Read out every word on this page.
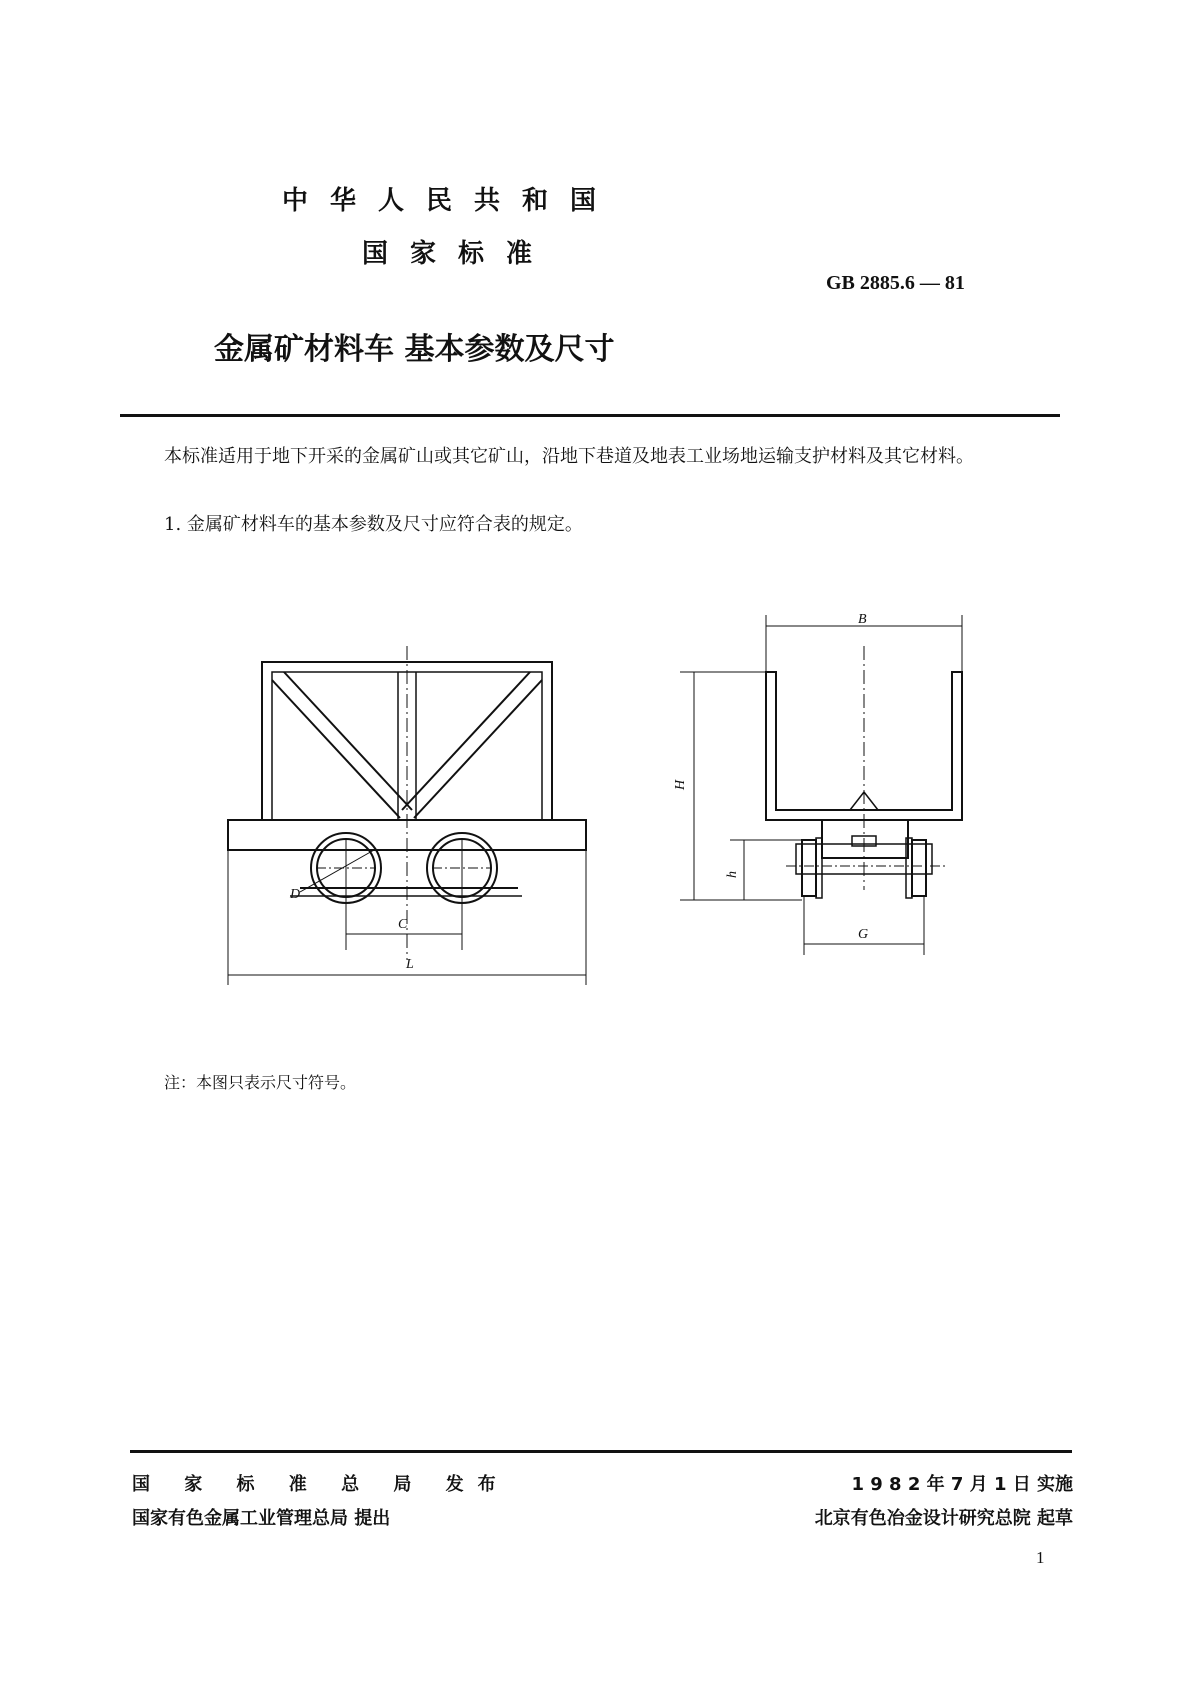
中华人民共和国
国家标准
GB 2885.6 — 81
金属矿材料车 基本参数及尺寸
本标准适用于地下开采的金属矿山或其它矿山，沿地下巷道及地表工业场地运输支护材料及其它材料。
1. 金属矿材料车的基本参数及尺寸应符合表的规定。
D
C
L
B
H
h
G
注：本图只表示尺寸符号。
国 家 标 准 总 局 发布
国家有色金属工业管理总局 提出
1 9 8 2 年 7 月 1 日 实施
北京有色冶金设计研究总院 起草
1
